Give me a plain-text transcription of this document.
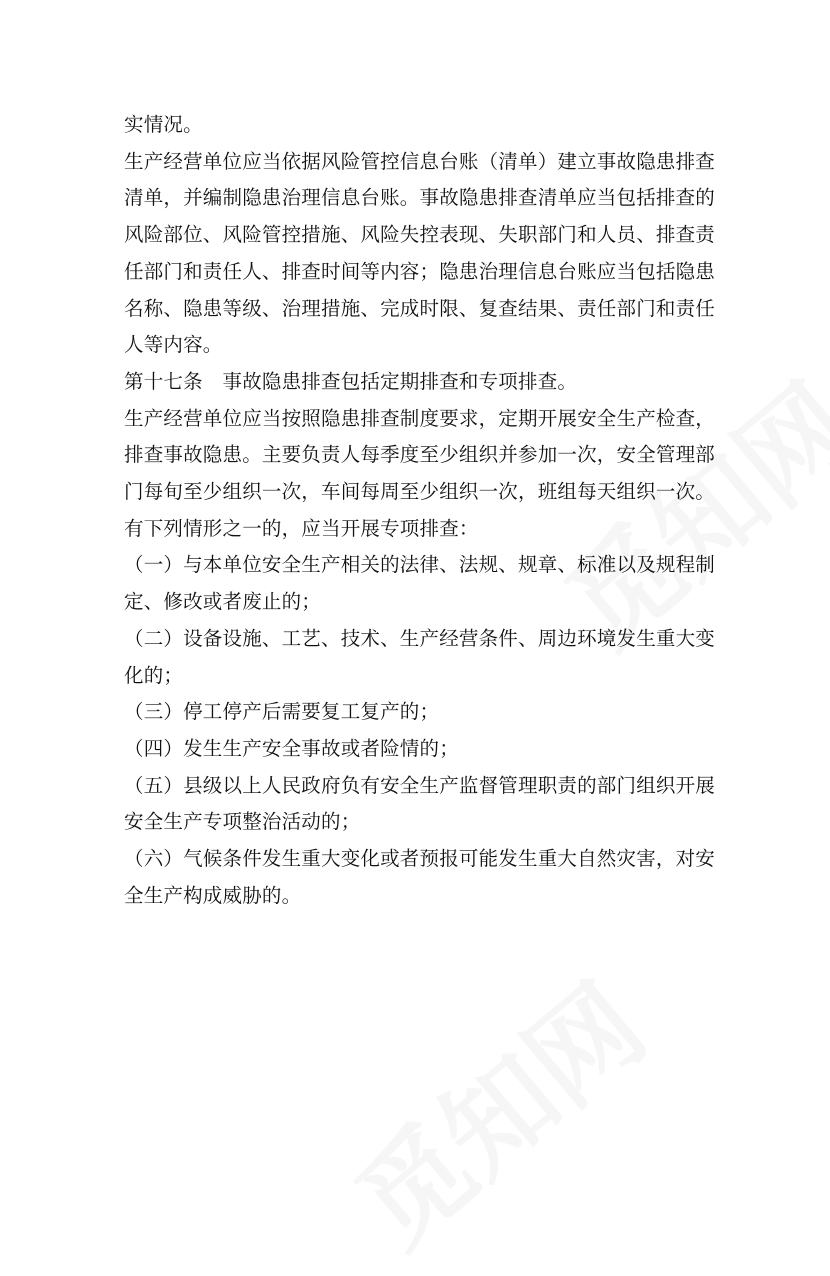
实情况。
生产经营单位应当依据风险管控信息台账（清单）建立事故隐患排查
清单，并编制隐患治理信息台账。事故隐患排查清单应当包括排查的
风险部位、风险管控措施、风险失控表现、失职部门和人员、排查责
任部门和责任人、排查时间等内容；隐患治理信息台账应当包括隐患
名称、隐患等级、治理措施、完成时限、复查结果、责任部门和责任
人等内容。
第十七条　事故隐患排查包括定期排查和专项排查。
生产经营单位应当按照隐患排查制度要求，定期开展安全生产检查，
排查事故隐患。主要负责人每季度至少组织并参加一次，安全管理部
门每旬至少组织一次，车间每周至少组织一次，班组每天组织一次。
有下列情形之一的，应当开展专项排查：
（一）与本单位安全生产相关的法律、法规、规章、标准以及规程制
定、修改或者废止的；
（二）设备设施、工艺、技术、生产经营条件、周边环境发生重大变
化的；
（三）停工停产后需要复工复产的；
（四）发生生产安全事故或者险情的；
（五）县级以上人民政府负有安全生产监督管理职责的部门组织开展
安全生产专项整治活动的；
（六）气候条件发生重大变化或者预报可能发生重大自然灾害，对安
全生产构成威胁的。
